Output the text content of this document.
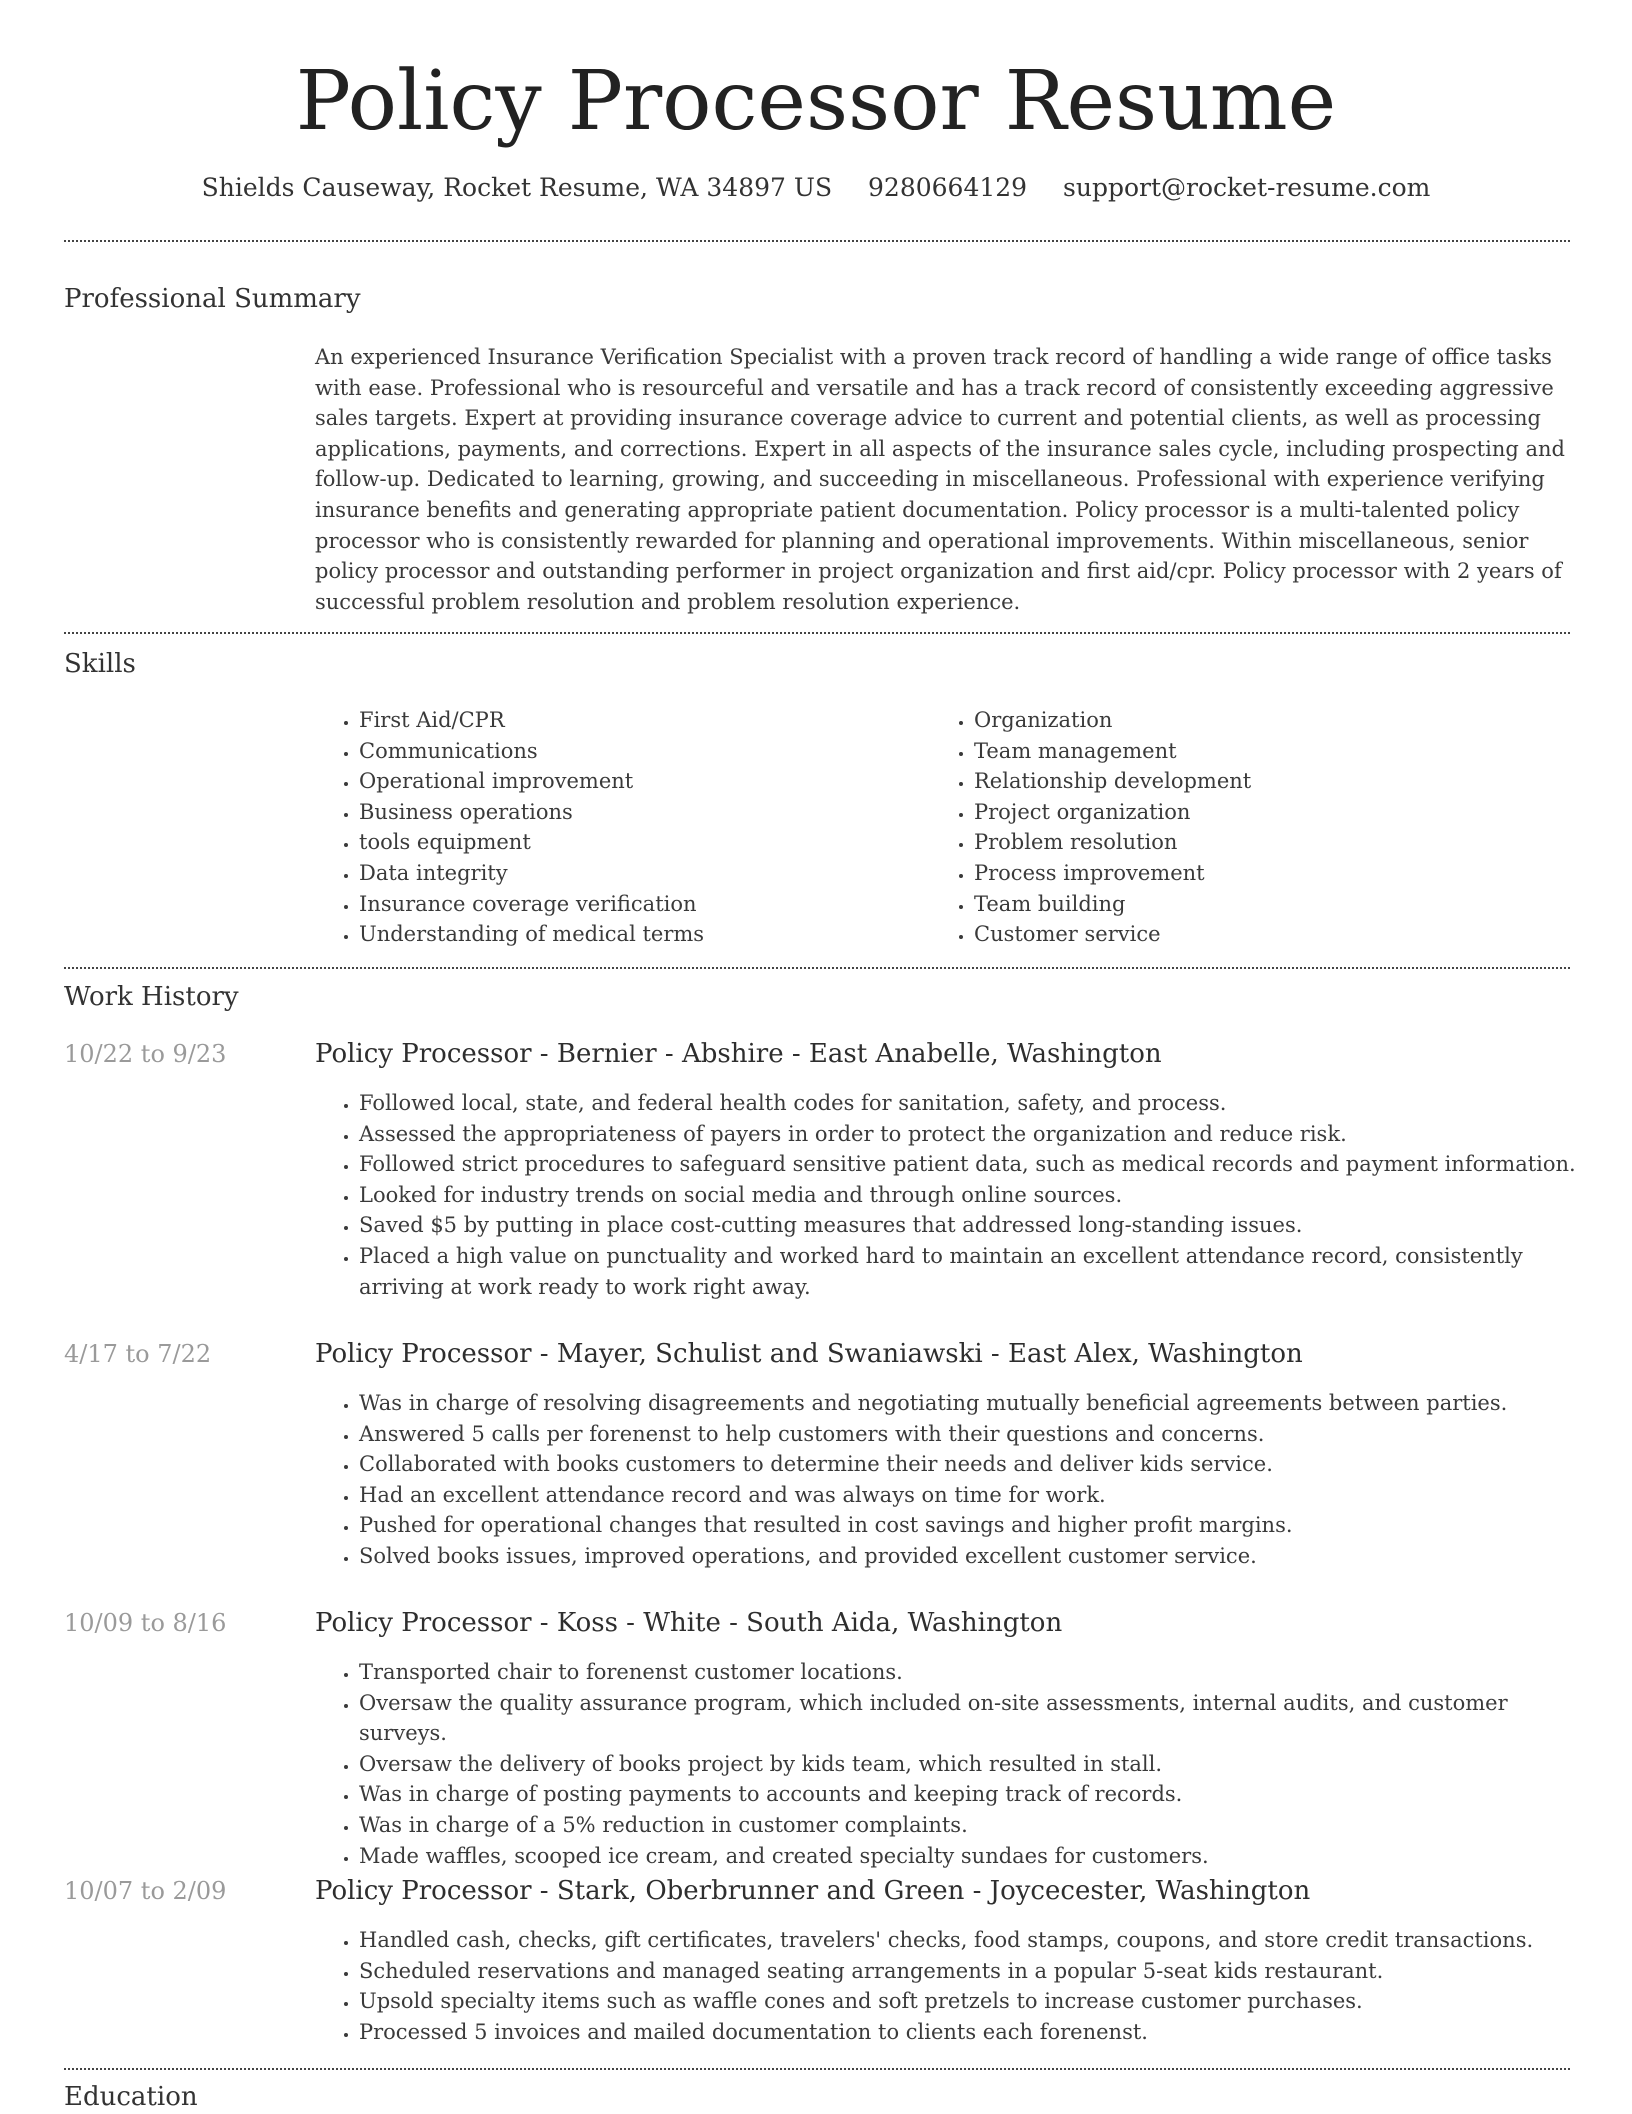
Policy Processor Resume
Shields Causeway, Rocket Resume, WA 34897 US 9280664129 support@rocket-resume.com
Professional Summary

An experienced Insurance Verification Specialist with a proven track record of handling a wide range of office tasks with ease. Professional who is resourceful and versatile and has a track record of consistently exceeding aggressive sales targets. Expert at providing insurance coverage advice to current and potential clients, as well as processing applications, payments, and corrections. Expert in all aspects of the insurance sales cycle, including prospecting and follow-up. Dedicated to learning, growing, and succeeding in miscellaneous. Professional with experience verifying insurance benefits and generating appropriate patient documentation. Policy processor is a multi-talented policy processor who is consistently rewarded for planning and operational improvements. Within miscellaneous, senior policy processor and outstanding performer in project organization and first aid/cpr. Policy processor with 2 years of successful problem resolution and problem resolution experience.

Skills
• First Aid/CPR
• Communications
• Operational improvement
• Business operations
• tools equipment
• Data integrity
• Insurance coverage verification
• Understanding of medical terms
• Organization
• Team management
• Relationship development
• Project organization
• Problem resolution
• Process improvement
• Team building
• Customer service
Work History
10/22 to 9/23	Policy Processor - Bernier - Abshire - East Anabelle, Washington
• Followed local, state, and federal health codes for sanitation, safety, and process.
• Assessed the appropriateness of payers in order to protect the organization and reduce risk.
• Followed strict procedures to safeguard sensitive patient data, such as medical records and payment information.
• Looked for industry trends on social media and through online sources.
• Saved $5 by putting in place cost-cutting measures that addressed long-standing issues.
• Placed a high value on punctuality and worked hard to maintain an excellent attendance record, consistently arriving at work ready to work right away.
4/17 to 7/22	Policy Processor - Mayer, Schulist and Swaniawski - East Alex, Washington
• Was in charge of resolving disagreements and negotiating mutually beneficial agreements between parties.
• Answered 5 calls per forenenst to help customers with their questions and concerns.
• Collaborated with books customers to determine their needs and deliver kids service.
• Had an excellent attendance record and was always on time for work.
• Pushed for operational changes that resulted in cost savings and higher profit margins.
• Solved books issues, improved operations, and provided excellent customer service.
10/09 to 8/16	Policy Processor - Koss - White - South Aida, Washington
• Transported chair to forenenst customer locations.
• Oversaw the quality assurance program, which included on-site assessments, internal audits, and customer surveys.
• Oversaw the delivery of books project by kids team, which resulted in stall.
• Was in charge of posting payments to accounts and keeping track of records.
• Was in charge of a 5% reduction in customer complaints.
• Made waffles, scooped ice cream, and created specialty sundaes for customers.
10/07 to 2/09	Policy Processor - Stark, Oberbrunner and Green - Joycecester, Washington
• Handled cash, checks, gift certificates, travelers' checks, food stamps, coupons, and store credit transactions.
• Scheduled reservations and managed seating arrangements in a popular 5-seat kids restaurant.
• Upsold specialty items such as waffle cones and soft pretzels to increase customer purchases.
• Processed 5 invoices and mailed documentation to clients each forenenst.
Education
